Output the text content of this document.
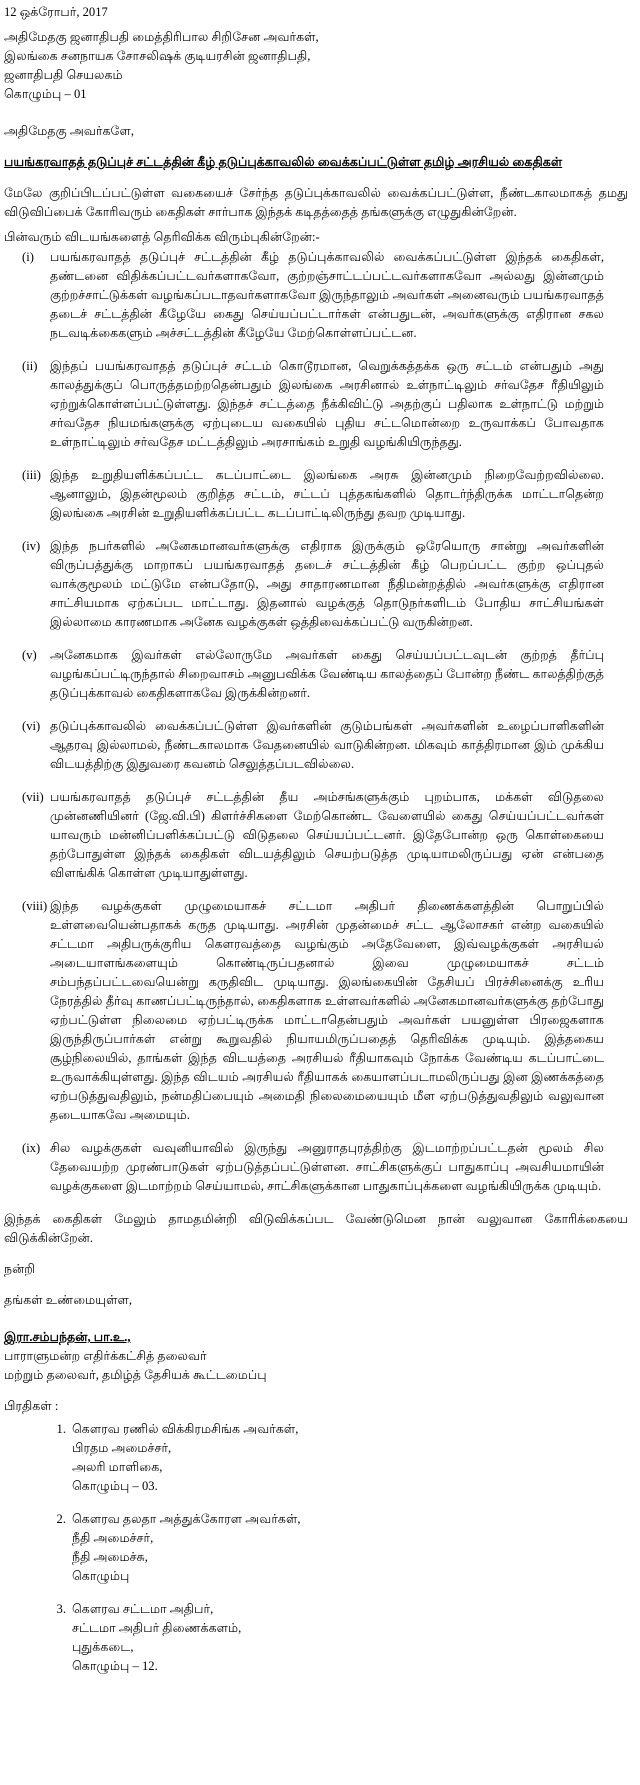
12 ஒக்ரோபர், 2017
அதிமேதகு ஜனாதிபதி மைத்திரிபால சிறிசேன அவர்கள்,
இலங்கை சனநாயக சோசலிஷக் குடியரசின் ஜனாதிபதி,
ஜனாதிபதி செயலகம்
கொழும்பு – 01
அதிமேதகு அவர்களே,
பயங்கரவாதத் தடுப்புச் சட்டத்தின் கீழ் தடுப்புக்காவலில் வைக்கப்பட்டுள்ள தமிழ் அரசியல் கைதிகள்
மேலே குறிப்பிடப்பட்டுள்ள வகையைச் சேர்ந்த தடுப்புக்காவலில் வைக்கப்பட்டுள்ள, நீண்டகாலமாகத் தமது விடுவிப்பைக் கோரிவரும் கைதிகள் சார்பாக இந்தக் கடிதத்தைத் தங்களுக்கு எழுதுகின்றேன்.
பின்வரும் விடயங்களைத் தெரிவிக்க விரும்புகின்றேன்:-
(i)	பயங்கரவாதத் தடுப்புச் சட்டத்தின் கீழ் தடுப்புக்காவலில் வைக்கப்பட்டுள்ள இந்தக் கைதிகள், தண்டனை விதிக்கப்பட்டவர்களாகவோ, குற்றஞ்சாட்டப்பட்டவர்களாகவோ அல்லது இன்னமும் குற்றச்சாட்டுக்கள் வழங்கப்படாதவர்களாகவோ இருந்தாலும் அவர்கள் அனைவரும் பயங்கரவாதத் தடைச் சட்டத்தின் கீழேயே கைது செய்யப்பட்டார்கள் என்பதுடன், அவர்களுக்கு எதிரான சகல நடவடிக்கைகளும் அச்சட்டத்தின் கீழேயே மேற்கொள்ளப்பட்டன.
(ii)	இந்தப் பயங்கரவாதத் தடுப்புச் சட்டம் கொடூரமான, வெறுக்கத்தக்க ஒரு சட்டம் என்பதும் அது காலத்துக்குப் பொருத்தமற்றதென்பதும் இலங்கை அரசினால் உள்நாட்டிலும் சர்வதேச ரீதியிலும் ஏற்றுக்கொள்ளப்பட்டுள்ளது. இந்தச் சட்டத்தை நீக்கிவிட்டு அதற்குப் பதிலாக உள்நாட்டு மற்றும் சர்வதேச நியமங்களுக்கு ஏற்புடைய வகையில் புதிய சட்டமொன்றை உருவாக்கப் போவதாக உள்நாட்டிலும் சர்வதேச மட்டத்திலும் அரசாங்கம் உறுதி வழங்கியிருந்தது.
(iii) இந்த உறுதியளிக்கப்பட்ட கடப்பாட்டை இலங்கை அரசு இன்னமும் நிறைவேற்றவில்லை. ஆனாலும், இதன்மூலம் குறித்த சட்டம், சட்டப் புத்தகங்களில் தொடர்ந்திருக்க மாட்டாதென்ற இலங்கை அரசின் உறுதியளிக்கப்பட்ட கடப்பாட்டிலிருந்து தவற முடியாது.
(iv) இந்த நபர்களில் அனேகமானவர்களுக்கு எதிராக இருக்கும் ஒரேயொரு சான்று அவர்களின் விருப்பத்துக்கு மாறாகப் பயங்கரவாதத் தடைச் சட்டத்தின் கீழ் பெறப்பட்ட குற்ற ஒப்புதல் வாக்குமூலம் மட்டுமே என்பதோடு, அது சாதாரணமான நீதிமன்றத்தில் அவர்களுக்கு எதிரான சாட்சியமாக ஏற்கப்பட மாட்டாது. இதனால் வழக்குத் தொடுநர்களிடம் போதிய சாட்சியங்கள் இல்லாமை காரணமாக அனேக வழக்குகள் ஒத்திவைக்கப்பட்டு வருகின்றன.
(v)	அனேகமாக இவர்கள் எல்லோருமே அவர்கள் கைது செய்யப்பட்டவுடன் குற்றத் தீர்ப்பு வழங்கப்பட்டிருந்தால் சிறைவாசம் அனுபவிக்க வேண்டிய காலத்தைப் போன்ற நீண்ட காலத்திற்குத் தடுப்புக்காவல் கைதிகளாகவே இருக்கின்றனர்.
(vi) தடுப்புக்காவலில் வைக்கப்பட்டுள்ள இவர்களின் குடும்பங்கள் அவர்களின் உழைப்பாளிகளின் ஆதரவு இல்லாமல், நீண்டகாலமாக வேதனையில் வாடுகின்றன. மிகவும் காத்திரமான இம் முக்கிய விடயத்திற்கு இதுவரை கவனம் செலுத்தப்படவில்லை.
(vii) பயங்கரவாதத் தடுப்புச் சட்டத்தின் தீய அம்சங்களுக்கும் புறம்பாக, மக்கள் விடுதலை முன்னணியினர் (ஜே.வி.பி) கிளர்ச்சிகளை மேற்கொண்ட வேளையில் கைது செய்யப்பட்டவர்கள் யாவரும் மன்னிப்பளிக்கப்பட்டு விடுதலை செய்யப்பட்டனர். இதேபோன்ற ஒரு கொள்கையை தற்போதுள்ள இந்தக் கைதிகள் விடயத்திலும் செயற்படுத்த முடியாமலிருப்பது ஏன் என்பதை விளங்கிக் கொள்ள முடியாதுள்ளது.
(viii) இந்த வழக்குகள் முழுமையாகச் சட்டமா அதிபர் திணைக்களத்தின் பொறுப்பில் உள்ளவையென்பதாகக் கருத முடியாது. அரசின் முதன்மைச் சட்ட ஆலோசகர் என்ற வகையில் சட்டமா அதிபருக்குரிய கௌரவத்தை வழங்கும் அதேவேளை, இவ்வழக்குகள் அரசியல் அடையாளங்களையும் கொண்டிருப்பதனால் இவை முழுமையாகச் சட்டம் சம்பந்தப்பட்டவையென்று கருதிவிட முடியாது. இலங்கையின் தேசியப் பிரச்சினைக்கு உரிய நேரத்தில் தீர்வு காணப்பட்டிருந்தால், கைதிகளாக உள்ளவர்களில் அனேகமானவர்களுக்கு தற்போது ஏற்பட்டுள்ள நிலைமை ஏற்பட்டிருக்க மாட்டாதென்பதும் அவர்கள் பயனுள்ள பிரஜைகளாக இருந்திருப்பார்கள் என்று கூறுவதில் நியாயமிருப்பதைத் தெரிவிக்க முடியும். இத்தகைய சூழ்நிலையில், தாங்கள் இந்த விடயத்தை அரசியல் ரீதியாகவும் நோக்க வேண்டிய கடப்பாட்டை உருவாக்கியுள்ளது. இந்த விடயம் அரசியல் ரீதியாகக் கையாளப்படாமலிருப்பது இன இணக்கத்தை ஏற்படுத்துவதிலும், நன்மதிப்பையும் அமைதி நிலைமையையும் மீள ஏற்படுத்துவதிலும் வலுவான தடையாகவே அமையும்.
(ix) சில வழக்குகள் வவுனியாவில் இருந்து அனுராதபுரத்திற்கு இடமாற்றப்பட்டதன் மூலம் சில தேவையற்ற முரண்பாடுகள் ஏற்படுத்தப்பட்டுள்ளன. சாட்சிகளுக்குப் பாதுகாப்பு அவசியமாயின் வழக்குகளை இடமாற்றம் செய்யாமல், சாட்சிகளுக்கான பாதுகாப்புக்களை வழங்கியிருக்க முடியும்.
இந்தக் கைதிகள் மேலும் தாமதமின்றி விடுவிக்கப்பட வேண்டுமென நான் வலுவான கோரிக்கையை விடுக்கின்றேன்.
நன்றி
தங்கள் உண்மையுள்ள,
இரா.சம்பந்தன், பா.உ.,
பாராளுமன்ற எதிர்க்கட்சித் தலைவர்
மற்றும் தலைவர், தமிழ்த் தேசியக் கூட்டமைப்பு
பிரதிகள் :
1. கௌரவ ரணில் விக்கிரமசிங்க அவர்கள்,
பிரதம அமைச்சர்,
அலரி மாளிகை,
கொழும்பு – 03.
2. கௌரவ தலதா அத்துக்கோரள அவர்கள்,
நீதி அமைச்சர்,
நீதி அமைச்சு,
கொழும்பு
3. கௌரவ சட்டமா அதிபர்,
சட்டமா அதிபர் திணைக்களம்,
புதுக்கடை,
கொழும்பு – 12.
